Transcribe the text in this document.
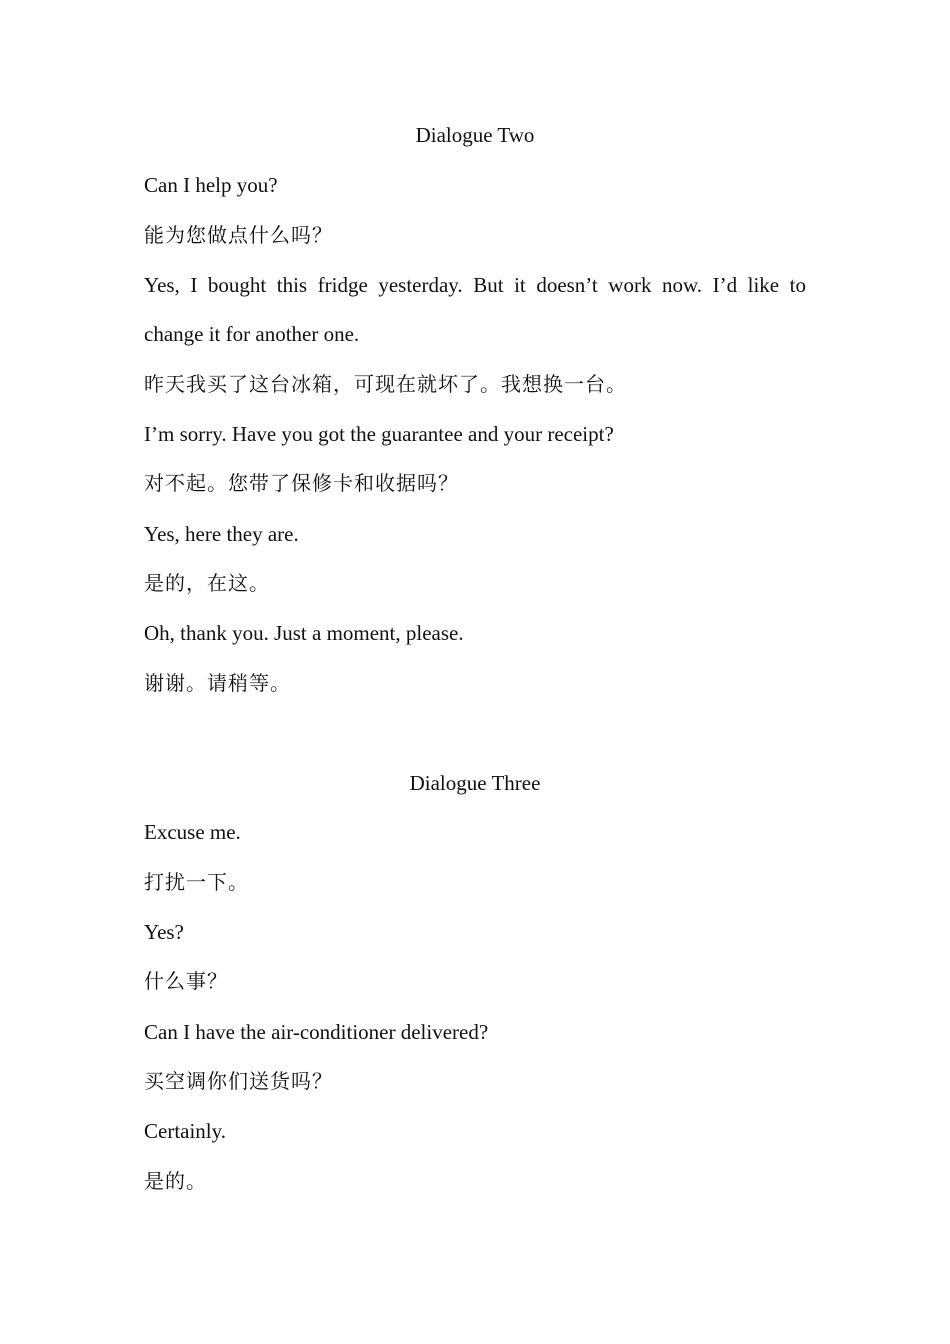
Dialogue Two
Can I help you?
能为您做点什么吗？
Yes, I bought this fridge yesterday. But it doesn’t work now. I’d like to
change it for another one.
昨天我买了这台冰箱，可现在就坏了。我想换一台。
I’m sorry. Have you got the guarantee and your receipt?
对不起。您带了保修卡和收据吗？
Yes, here they are.
是的，在这。
Oh, thank you. Just a moment, please.
谢谢。请稍等。
Dialogue Three
Excuse me.
打扰一下。
Yes?
什么事？
Can I have the air-conditioner delivered?
买空调你们送货吗？
Certainly.
是的。
